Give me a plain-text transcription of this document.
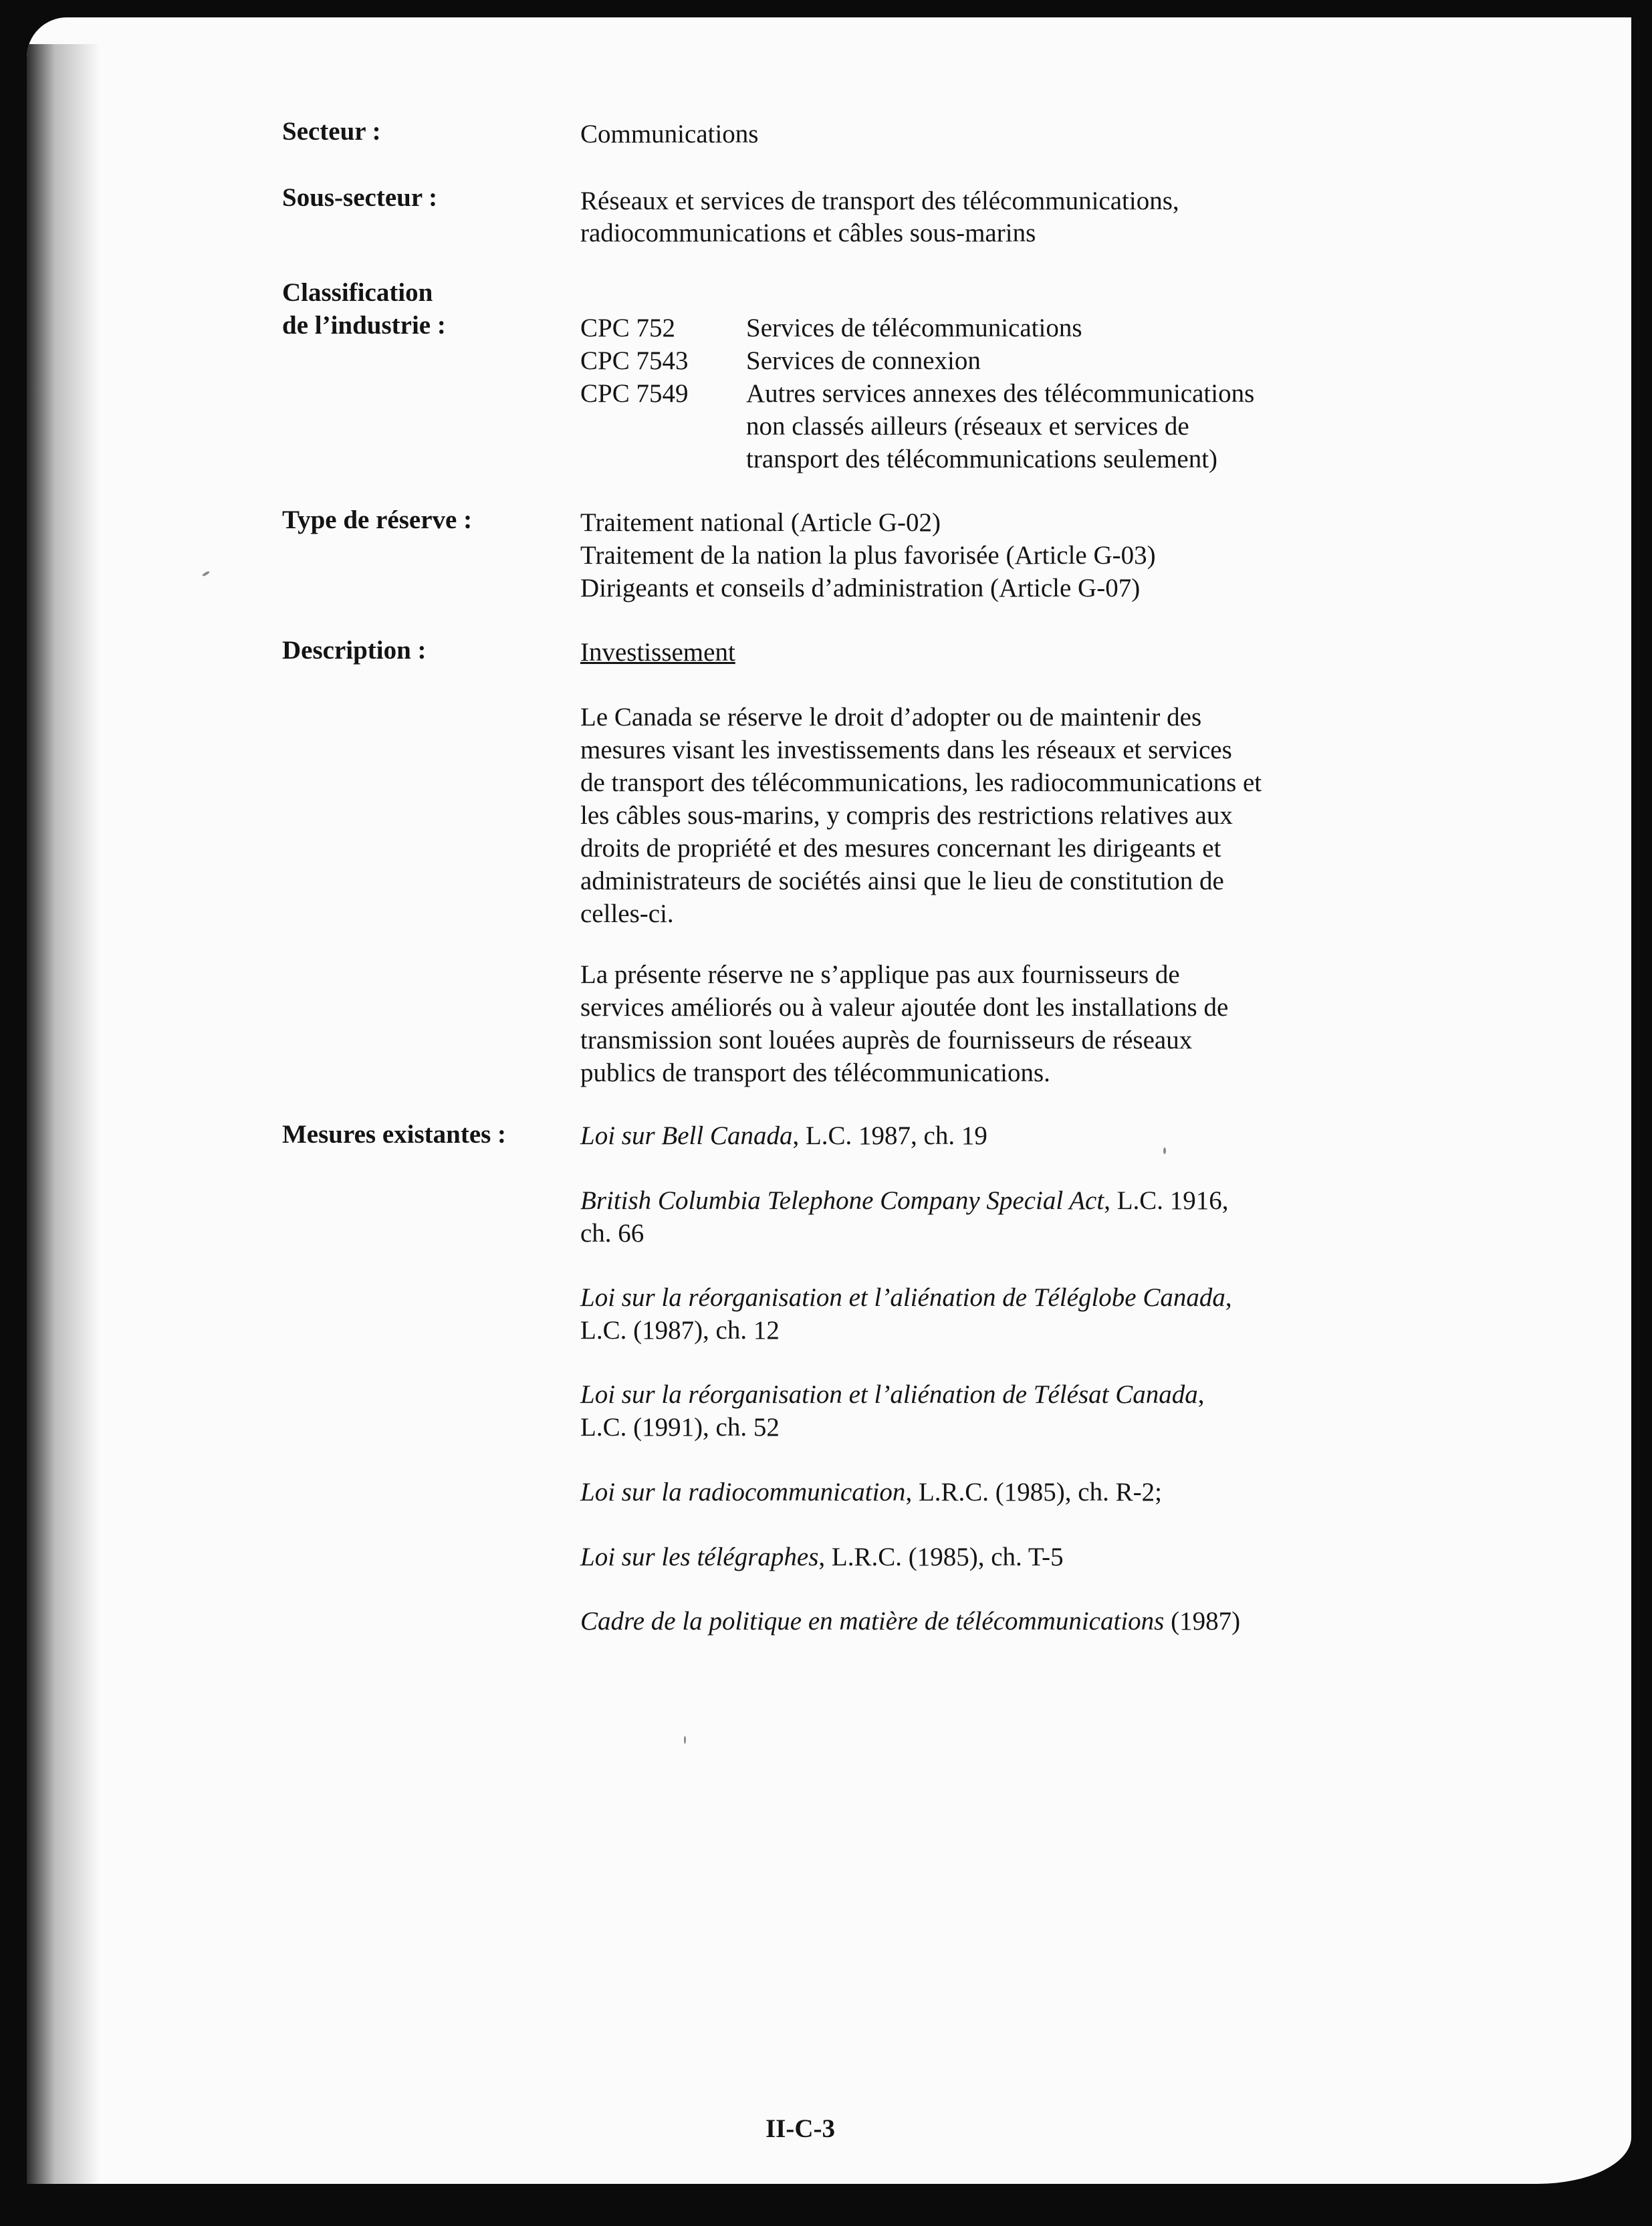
Secteur :	Communications
Sous-secteur :	Réseaux et services de transport des télécommunications,
radiocommunications et câbles sous-marins
Classification
de l’industrie :	CPC 752	Services de télécommunications
CPC 7543 Services de connexion
CPC 7549 Autres services annexes des télécommunications
non classés ailleurs (réseaux et services de
transport des télécommunications seulement)
Type de réserve :	Traitement national (Article G-02)
Traitement de la nation la plus favorisée (Article G-03)
Dirigeants et conseils d’administration (Article G-07)
Description :	Investissement
Le Canada se réserve le droit d’adopter ou de maintenir des
mesures visant les investissements dans les réseaux et services
de transport des télécommunications, les radiocommunications et
les câbles sous-marins, y compris des restrictions relatives aux
droits de propriété et des mesures concernant les dirigeants et
administrateurs de sociétés ainsi que le lieu de constitution de
celles-ci.
La présente réserve ne s’applique pas aux fournisseurs de
services améliorés ou à valeur ajoutée dont les installations de
transmission sont louées auprès de fournisseurs de réseaux
publics de transport des télécommunications.
Mesures existantes :	Loi sur Bell Canada, L.C. 1987, ch. 19
British Columbia Telephone Company Special Act, L.C. 1916,
ch. 66
Loi sur la réorganisation et l’aliénation de Téléglobe Canada,
L.C. (1987), ch. 12
Loi sur la réorganisation et l’aliénation de Télésat Canada,
L.C. (1991), ch. 52
Loi sur la radiocommunication, L.R.C. (1985), ch. R-2;
Loi sur les télégraphes, L.R.C. (1985), ch. T-5
Cadre de la politique en matière de télécommunications (1987)
II-C-3
